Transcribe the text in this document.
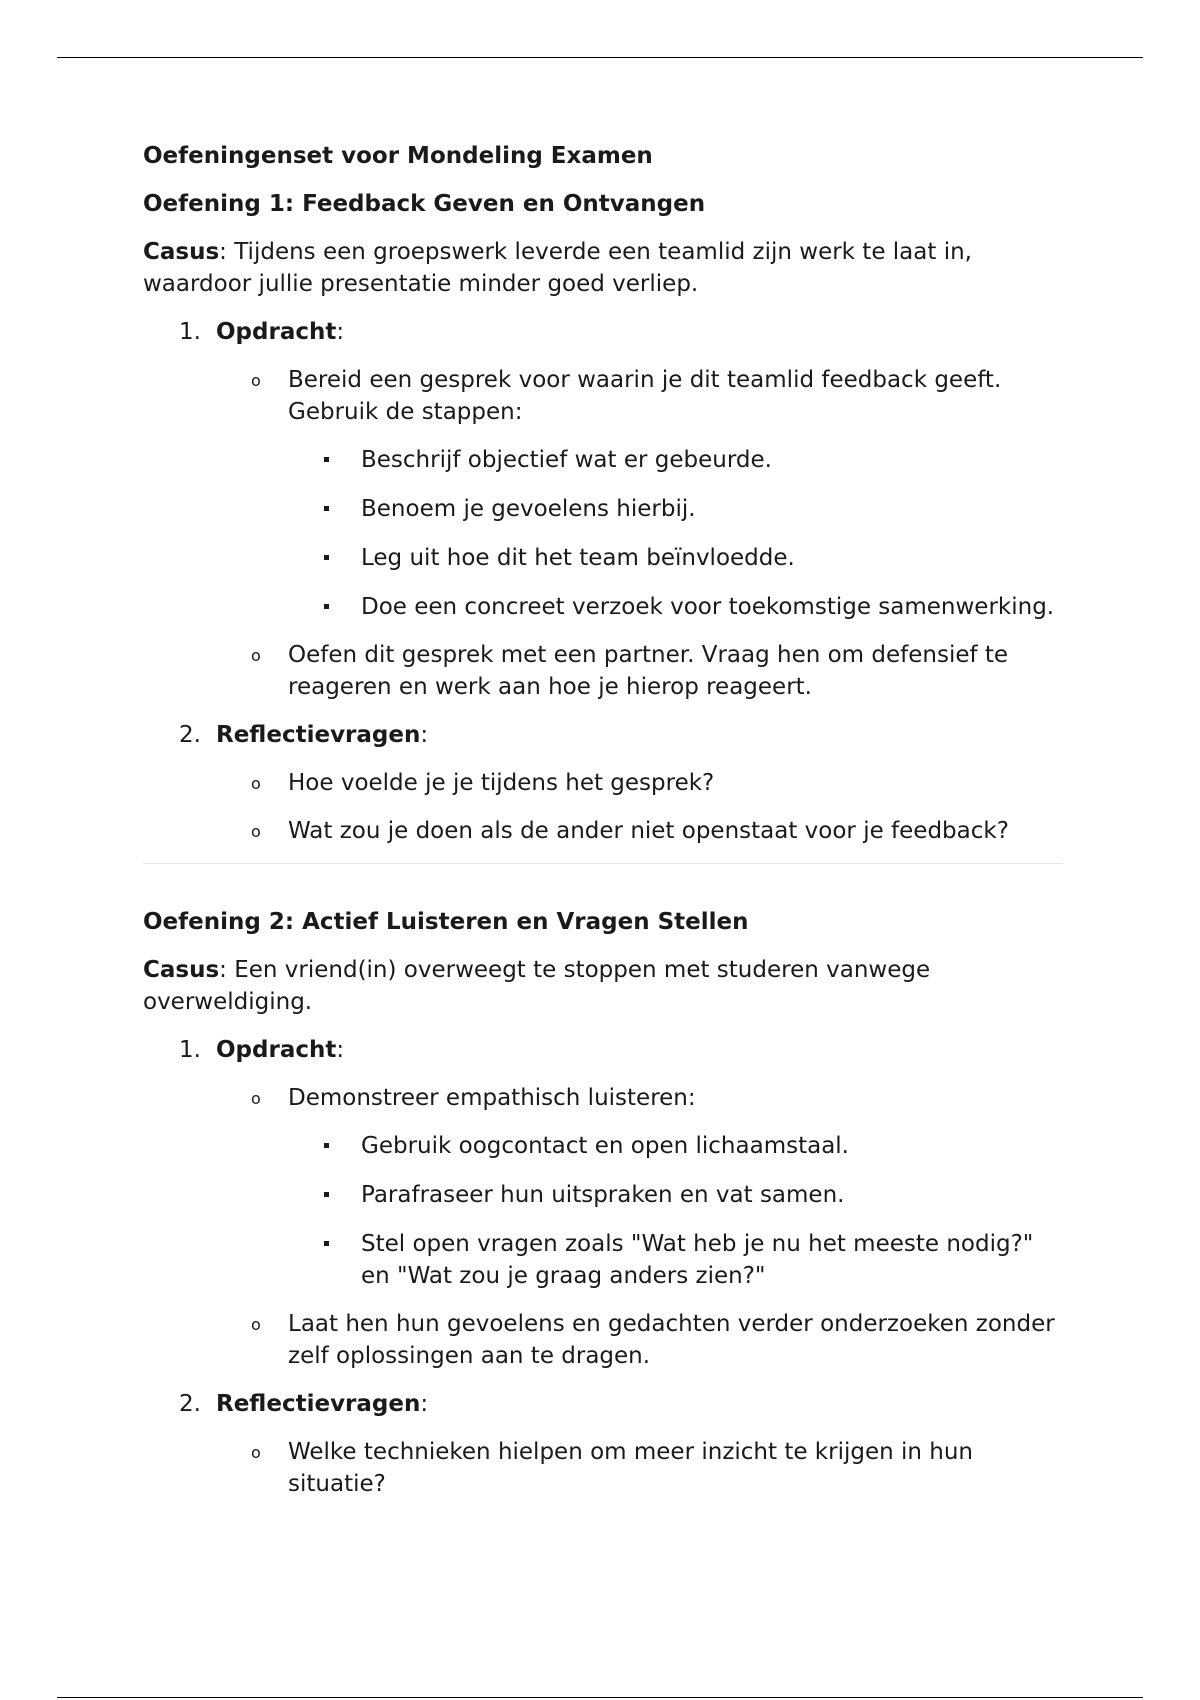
Oefeningenset voor Mondeling Examen

Oefening 1: Feedback Geven en Ontvangen

Casus: Tijdens een groepswerk leverde een teamlid zijn werk te laat in, waardoor jullie presentatie minder goed verliep.

1. Opdracht:
o Bereid een gesprek voor waarin je dit teamlid feedback geeft. Gebruik de stappen:
Beschrijf objectief wat er gebeurde.
Benoem je gevoelens hierbij.
Leg uit hoe dit het team beïnvloedde.
Doe een concreet verzoek voor toekomstige samenwerking.
o Oefen dit gesprek met een partner. Vraag hen om defensief te reageren en werk aan hoe je hierop reageert.
2. Reflectievragen:
o Hoe voelde je je tijdens het gesprek?
o Wat zou je doen als de ander niet openstaat voor je feedback?

Oefening 2: Actief Luisteren en Vragen Stellen

Casus: Een vriend(in) overweegt te stoppen met studeren vanwege overweldiging.

1. Opdracht:
o Demonstreer empathisch luisteren:
Gebruik oogcontact en open lichaamstaal.
Parafraseer hun uitspraken en vat samen.
Stel open vragen zoals "Wat heb je nu het meeste nodig?" en "Wat zou je graag anders zien?"
o Laat hen hun gevoelens en gedachten verder onderzoeken zonder zelf oplossingen aan te dragen.
2. Reflectievragen:
o Welke technieken hielpen om meer inzicht te krijgen in hun situatie?
